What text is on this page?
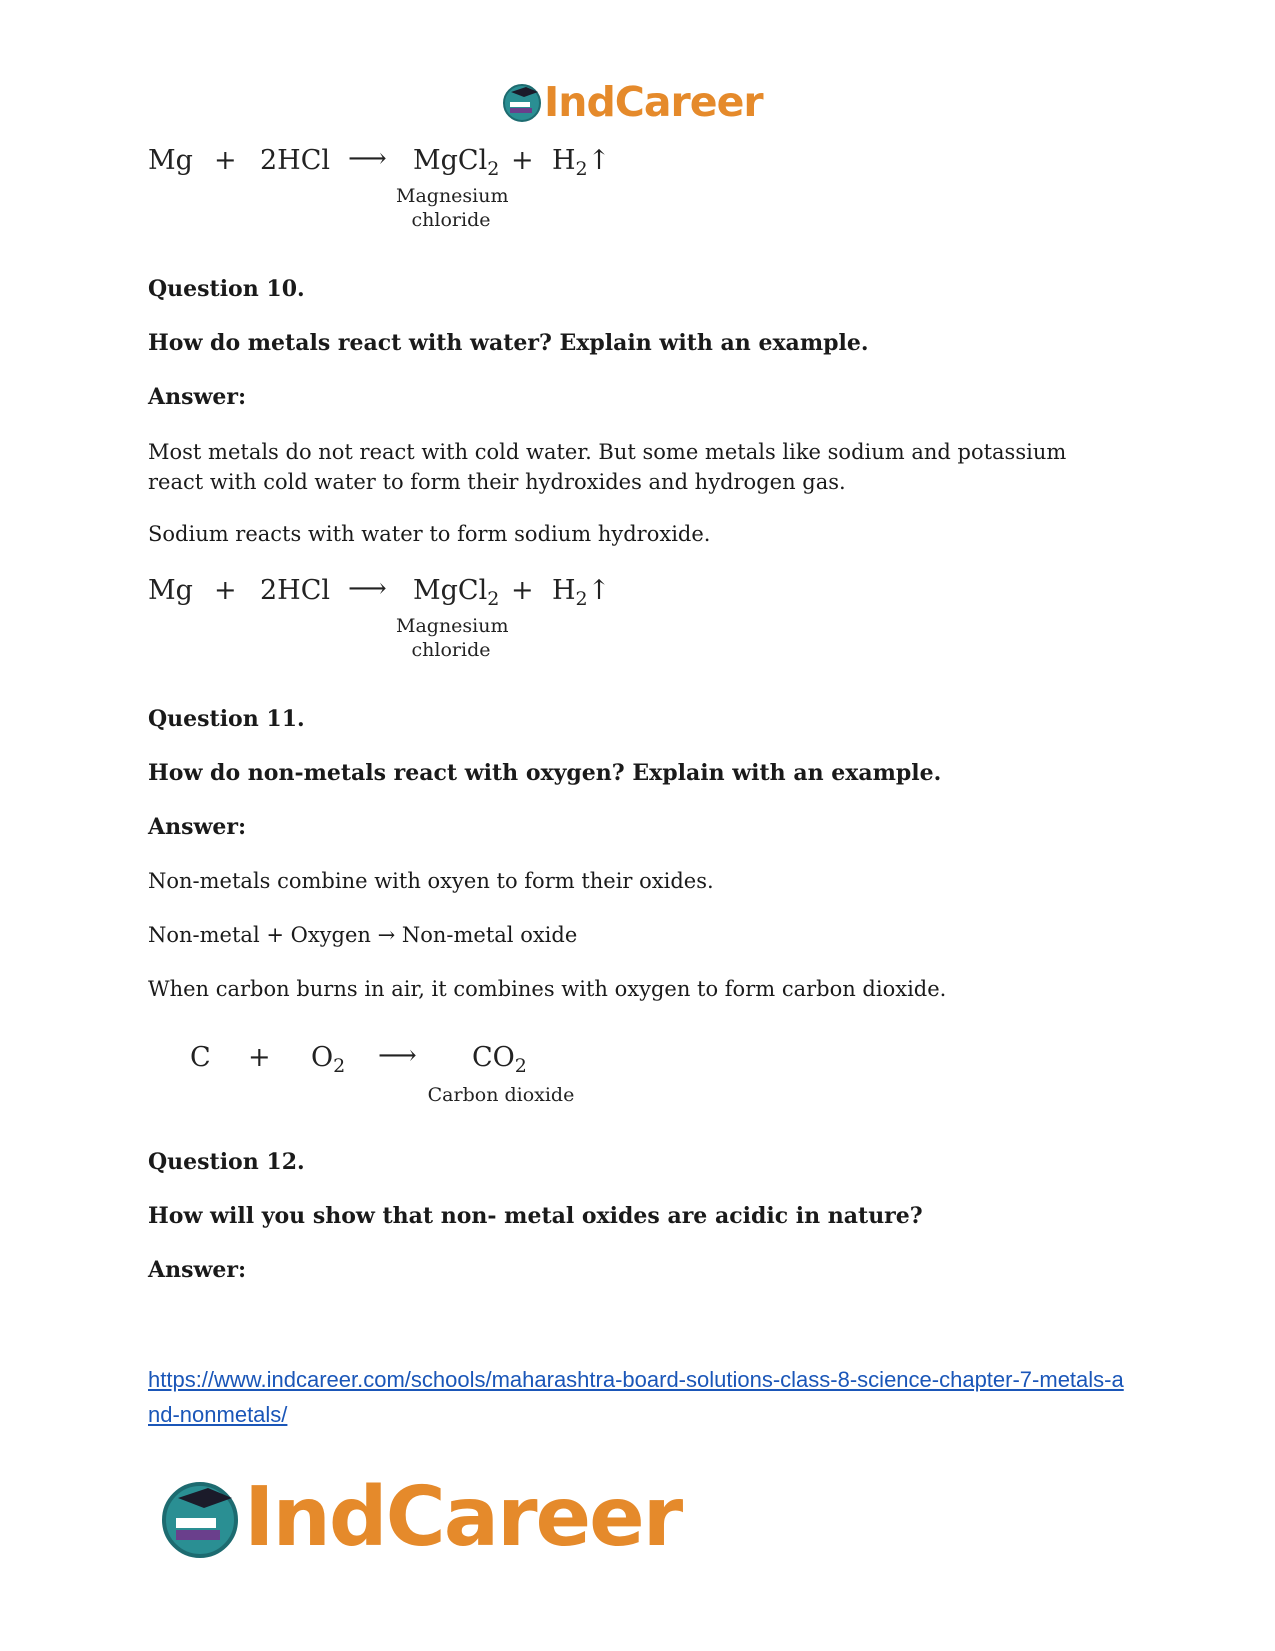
IndCareer
Mg + 2HCl ⟶ MgCl$_2$ + $H_2↑$
Magnesium
chloride
Question 10.
How do metals react with water? Explain with an example.
Answer:
Most metals do not react with cold water. But some metals like sodium and potassium react with cold water to form their hydroxides and hydrogen gas.
Sodium reacts with water to form sodium hydroxide.
Mg + 2HCl ⟶ MgCl$_2$ + $H_2↑$
Magnesium
chloride
Question 11.
How do non-metals react with oxygen? Explain with an example.
Answer:
Non-metals combine with oxyen to form their oxides.
Non-metal + Oxygen → Non-metal oxide
When carbon burns in air, it combines with oxygen to form carbon dioxide.
$C + O_2$ ⟶ $CO_2$
Carbon dioxide
Question 12.
How will you show that non- metal oxides are acidic in nature?
Answer:
https://www.indcareer.com/schools/maharashtra-board-solutions-class-8-science-chapter-7-metals-and-nonmetals/
IndCareer
